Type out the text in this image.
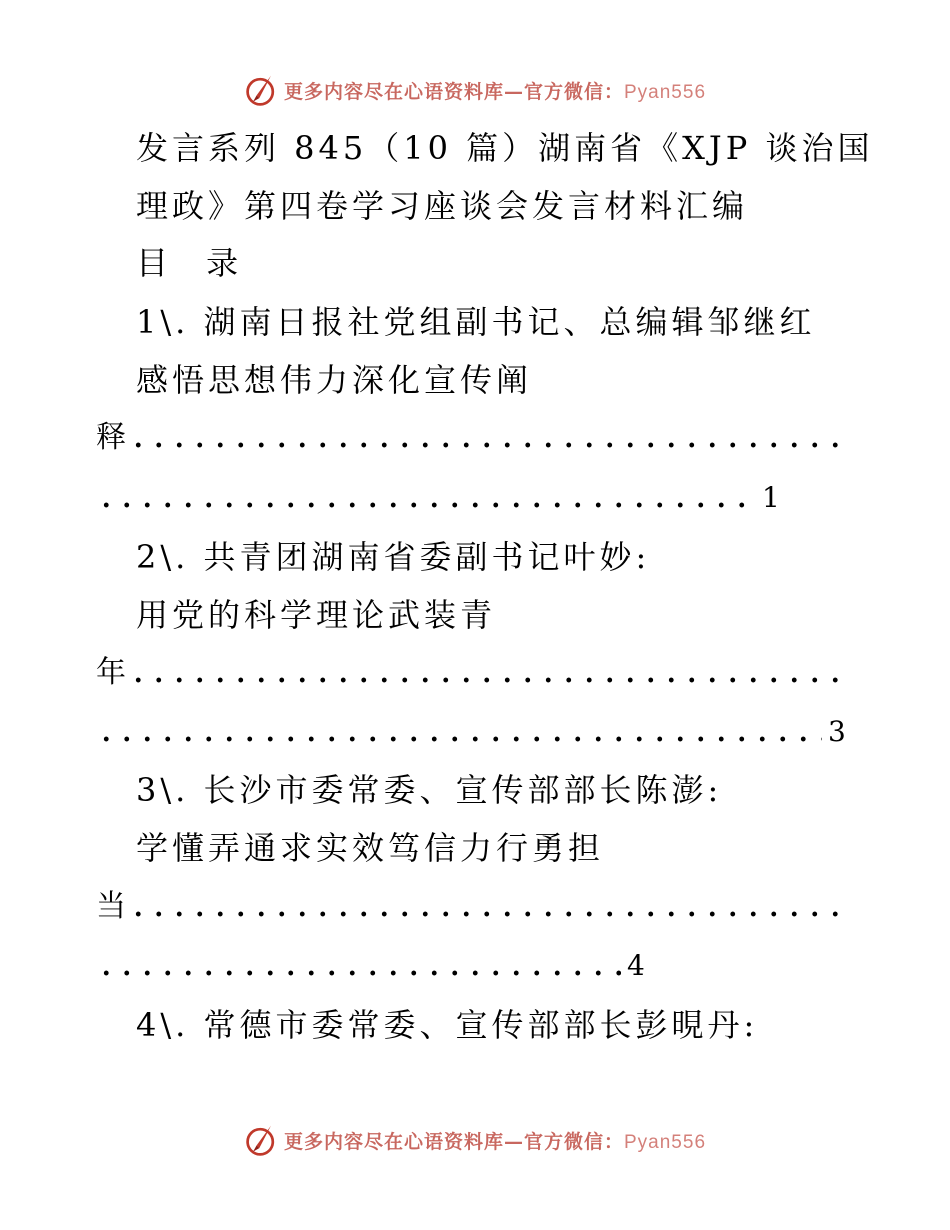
更多内容尽在心语资料库—官方微信：Pyan556
发言系列 845（10 篇）湖南省《XJP 谈治国
理政》第四卷学习座谈会发言材料汇编
目 录
1\. 湖南日报社党组副书记、总编辑邹继红
感悟思想伟力深化宣传阐
释
1
2\. 共青团湖南省委副书记叶妙:
用党的科学理论武装青
年
3
3\. 长沙市委常委、宣传部部长陈澎:
学懂弄通求实效笃信力行勇担
当
4
4\. 常德市委常委、宣传部部长彭晛丹:
更多内容尽在心语资料库—官方微信：Pyan556
